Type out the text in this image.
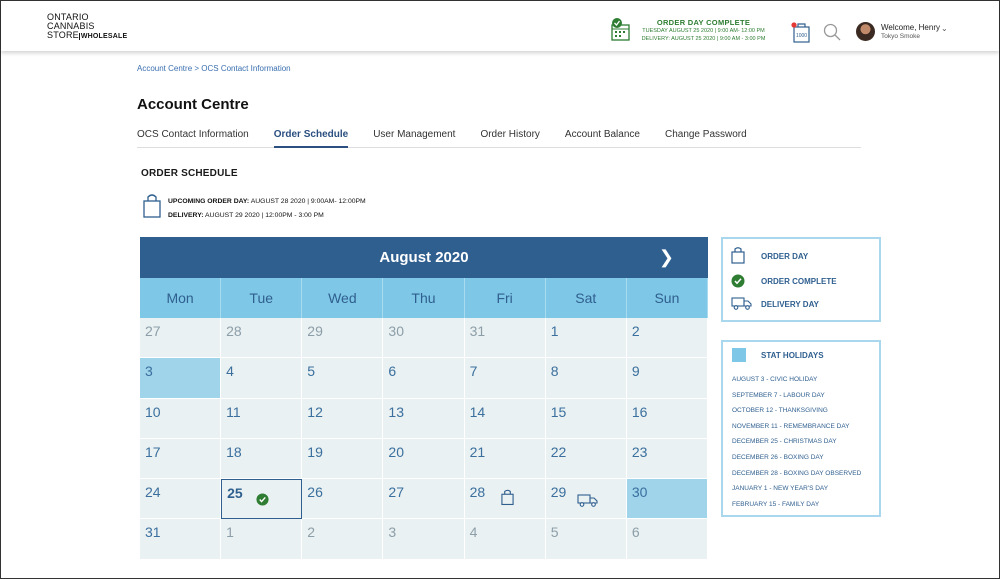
ONTARIO
CANNABIS
STORE WHOLESALE
ORDER DAY COMPLETE
TUESDAY AUGUST 25 2020 | 9:00 AM- 12:00 PM
DELIVERY: AUGUST 25 2020 | 9:00 AM - 3:00 PM	1000
Welcome, Henry
Tokyo Smoke
⌄
Account Centre > OCS Contact Information
Account Centre
OCS Contact Information	Order Schedule	User Management	Order History	Account Balance	Change Password
ORDER SCHEDULE
UPCOMING ORDER DAY: AUGUST 28 2020 | 9:00AM- 12:00PM
DELIVERY: AUGUST 29 2020 | 12:00PM - 3:00 PM
August 2020	❯
Mon	Tue	Wed	Thu	Fri	Sat	Sun
27	28	29	30	31	1	2
3	4	5	6	7	8	9
10	11	12	13	14	15	16
17	18	19	20	21	22	23
24	25	26	27	28	29	30
31	1	2	3	4	5	6
ORDER DAY
ORDER COMPLETE
DELIVERY DAY
STAT HOLIDAYS
AUGUST 3 - CIVIC HOLIDAY
SEPTEMBER 7 - LABOUR DAY
OCTOBER 12 - THANKSGIVING
NOVEMBER 11 - REMEMBRANCE DAY
DECEMBER 25 - CHRISTMAS DAY
DECEMBER 26 - BOXING DAY
DECEMBER 28 - BOXING DAY OBSERVED
JANUARY 1 - NEW YEAR'S DAY
FEBRUARY 15 - FAMILY DAY
